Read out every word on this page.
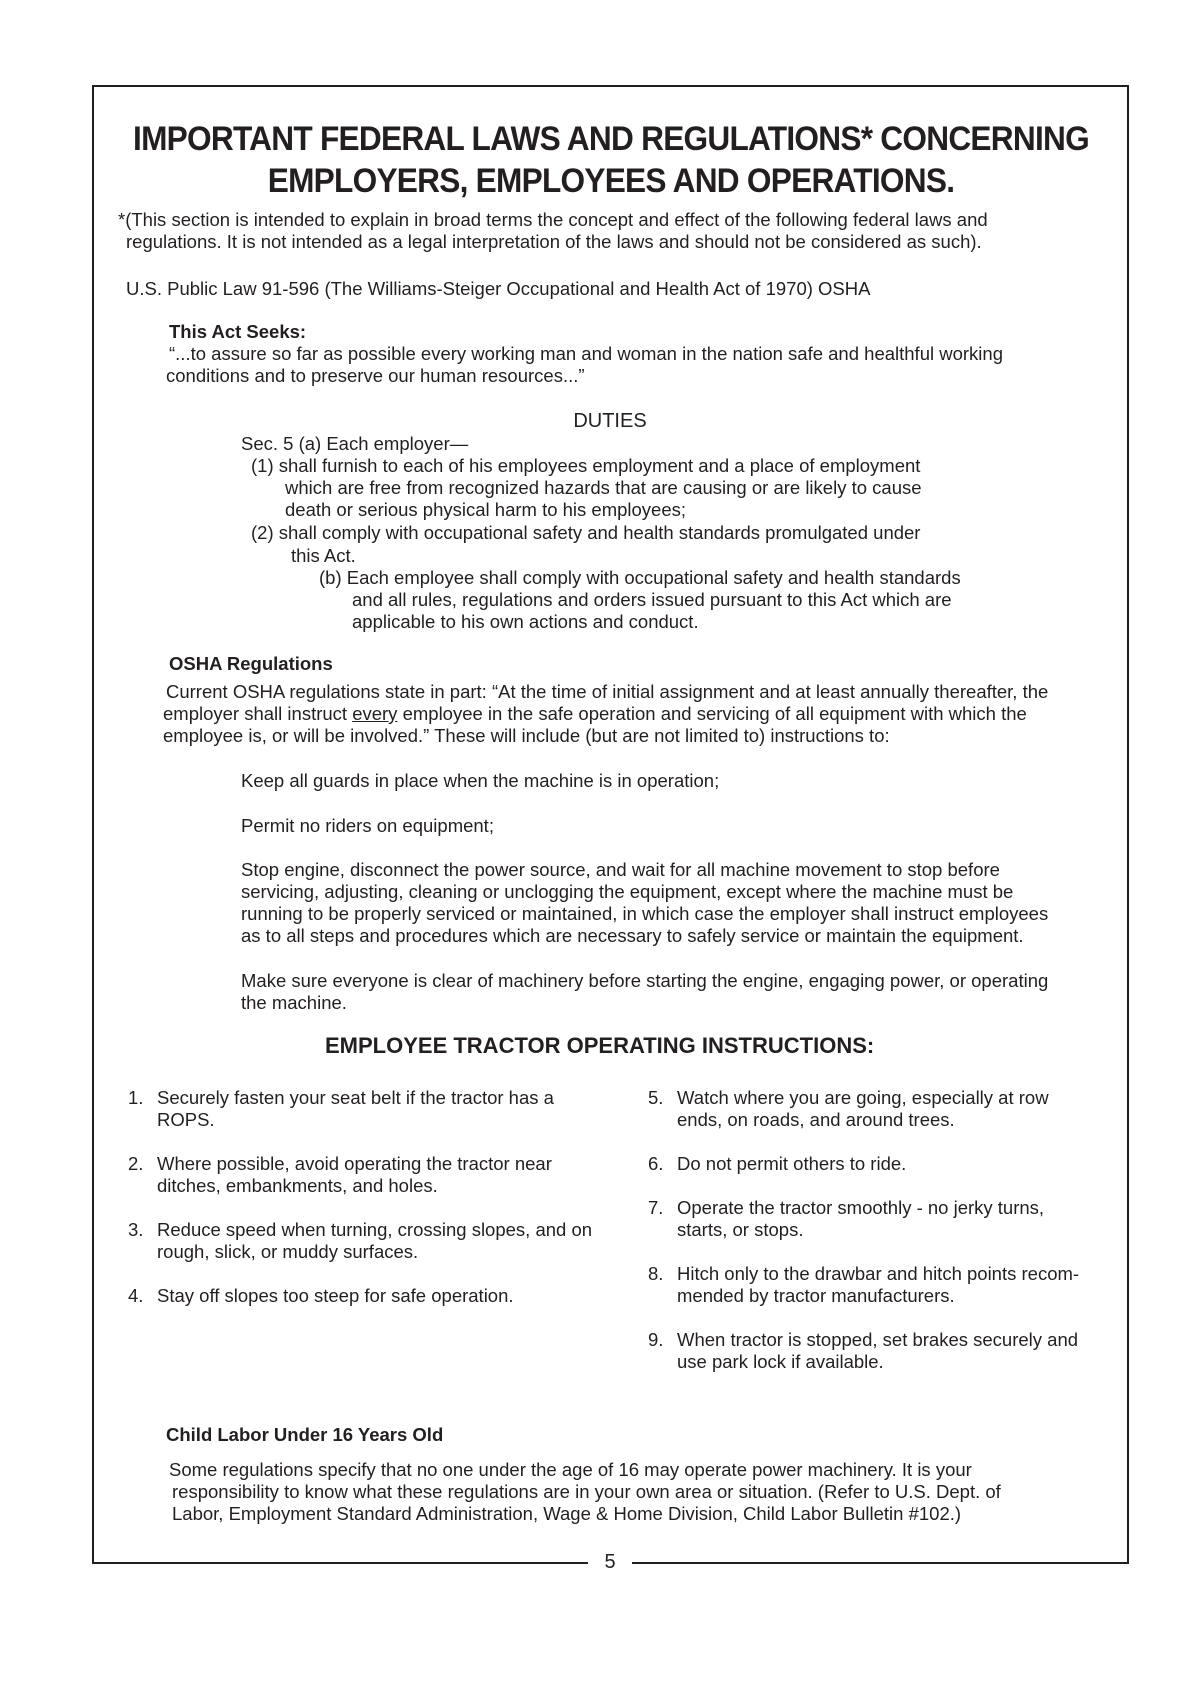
IMPORTANT FEDERAL LAWS AND REGULATIONS* CONCERNING
EMPLOYERS, EMPLOYEES AND OPERATIONS.
*(This section is intended to explain in broad terms the concept and effect of the following federal laws and
regulations. It is not intended as a legal interpretation of the laws and should not be considered as such).
U.S. Public Law 91-596 (The Williams-Steiger Occupational and Health Act of 1970) OSHA
This Act Seeks:
“...to assure so far as possible every working man and woman in the nation safe and healthful working
conditions and to preserve our human resources...”
DUTIES
Sec. 5 (a) Each employer—
(1) shall furnish to each of his employees employment and a place of employment
which are free from recognized hazards that are causing or are likely to cause
death or serious physical harm to his employees;
(2) shall comply with occupational safety and health standards promulgated under
this Act.
(b) Each employee shall comply with occupational safety and health standards
and all rules, regulations and orders issued pursuant to this Act which are
applicable to his own actions and conduct.
OSHA Regulations
Current OSHA regulations state in part: “At the time of initial assignment and at least annually thereafter, the
employer shall instruct every employee in the safe operation and servicing of all equipment with which the
employee is, or will be involved.” These will include (but are not limited to) instructions to:
Keep all guards in place when the machine is in operation;
Permit no riders on equipment;
Stop engine, disconnect the power source, and wait for all machine movement to stop before
servicing, adjusting, cleaning or unclogging the equipment, except where the machine must be
running to be properly serviced or maintained, in which case the employer shall instruct employees
as to all steps and procedures which are necessary to safely service or maintain the equipment.
Make sure everyone is clear of machinery before starting the engine, engaging power, or operating
the machine.
EMPLOYEE TRACTOR OPERATING INSTRUCTIONS:
1. Securely fasten your seat belt if the tractor has a ROPS.
2. Where possible, avoid operating the tractor near ditches, embankments, and holes.
3. Reduce speed when turning, crossing slopes, and on rough, slick, or muddy surfaces.
4. Stay off slopes too steep for safe operation.
5. Watch where you are going, especially at row ends, on roads, and around trees.
6. Do not permit others to ride.
7. Operate the tractor smoothly - no jerky turns, starts, or stops.
8. Hitch only to the drawbar and hitch points recom-mended by tractor manufacturers.
9. When tractor is stopped, set brakes securely and use park lock if available.
Child Labor Under 16 Years Old
Some regulations specify that no one under the age of 16 may operate power machinery. It is your
responsibility to know what these regulations are in your own area or situation. (Refer to U.S. Dept. of
Labor, Employment Standard Administration, Wage & Home Division, Child Labor Bulletin #102.)
5
